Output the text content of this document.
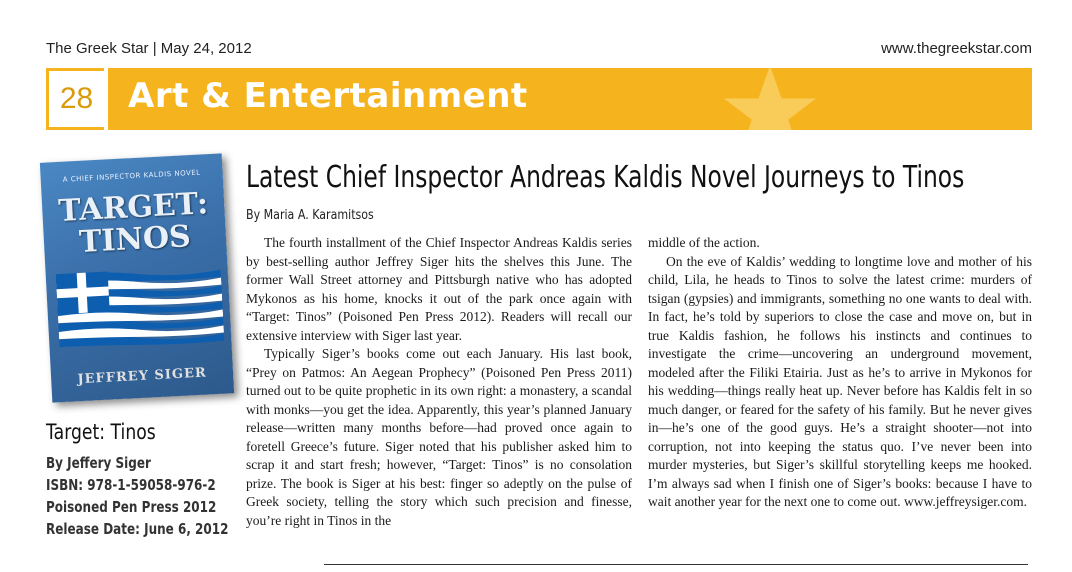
The Greek Star | May 24, 2012	www.thegreekstar.com
28	Art & Entertainment
A CHIEF INSPECTOR KALDIS NOVEL
TARGET:
TINOS
JEFFREY SIGER
Target: Tinos
By Jeffery Siger
ISBN: 978-1-59058-976-2
Poisoned Pen Press 2012
Release Date: June 6, 2012
Latest Chief Inspector Andreas Kaldis Novel Journeys to Tinos
By Maria A. Karamitsos

The fourth installment of the Chief Inspector Andreas Kaldis series by best-selling author Jeffrey Siger hits the shelves this June. The former Wall Street attorney and Pittsburgh native who has adopted Mykonos as his home, knocks it out of the park once again with “Target: Tinos” (Poisoned Pen Press 2012). Readers will recall our extensive interview with Siger last year.

Typically Siger’s books come out each January. His last book, “Prey on Patmos: An Aegean Prophecy” (Poisoned Pen Press 2011) turned out to be quite prophetic in its own right: a monastery, a scandal with monks—you get the idea. Apparently, this year’s planned January release—written many months before—had proved once again to foretell Greece’s future. Siger noted that his publisher asked him to scrap it and start fresh; however, “Target: Tinos” is no consolation prize. The book is Siger at his best: finger so adeptly on the pulse of Greek society, telling the story which such precision and finesse, you’re right in Tinos in the

middle of the action.

On the eve of Kaldis’ wedding to longtime love and mother of his child, Lila, he heads to Tinos to solve the latest crime: murders of tsigan (gypsies) and immigrants, something no one wants to deal with. In fact, he’s told by superiors to close the case and move on, but in true Kaldis fashion, he follows his instincts and continues to investigate the crime—uncovering an underground movement, modeled after the Filiki Etairia. Just as he’s to arrive in Mykonos for his wedding—things really heat up. Never before has Kaldis felt in so much danger, or feared for the safety of his family. But he never gives in—he’s one of the good guys. He’s a straight shooter—not into corruption, not into keeping the status quo. I’ve never been into murder mysteries, but Siger’s skillful storytelling keeps me hooked. I’m always sad when I finish one of Siger’s books: because I have to wait another year for the next one to come out. www.jeffreysiger.com.
